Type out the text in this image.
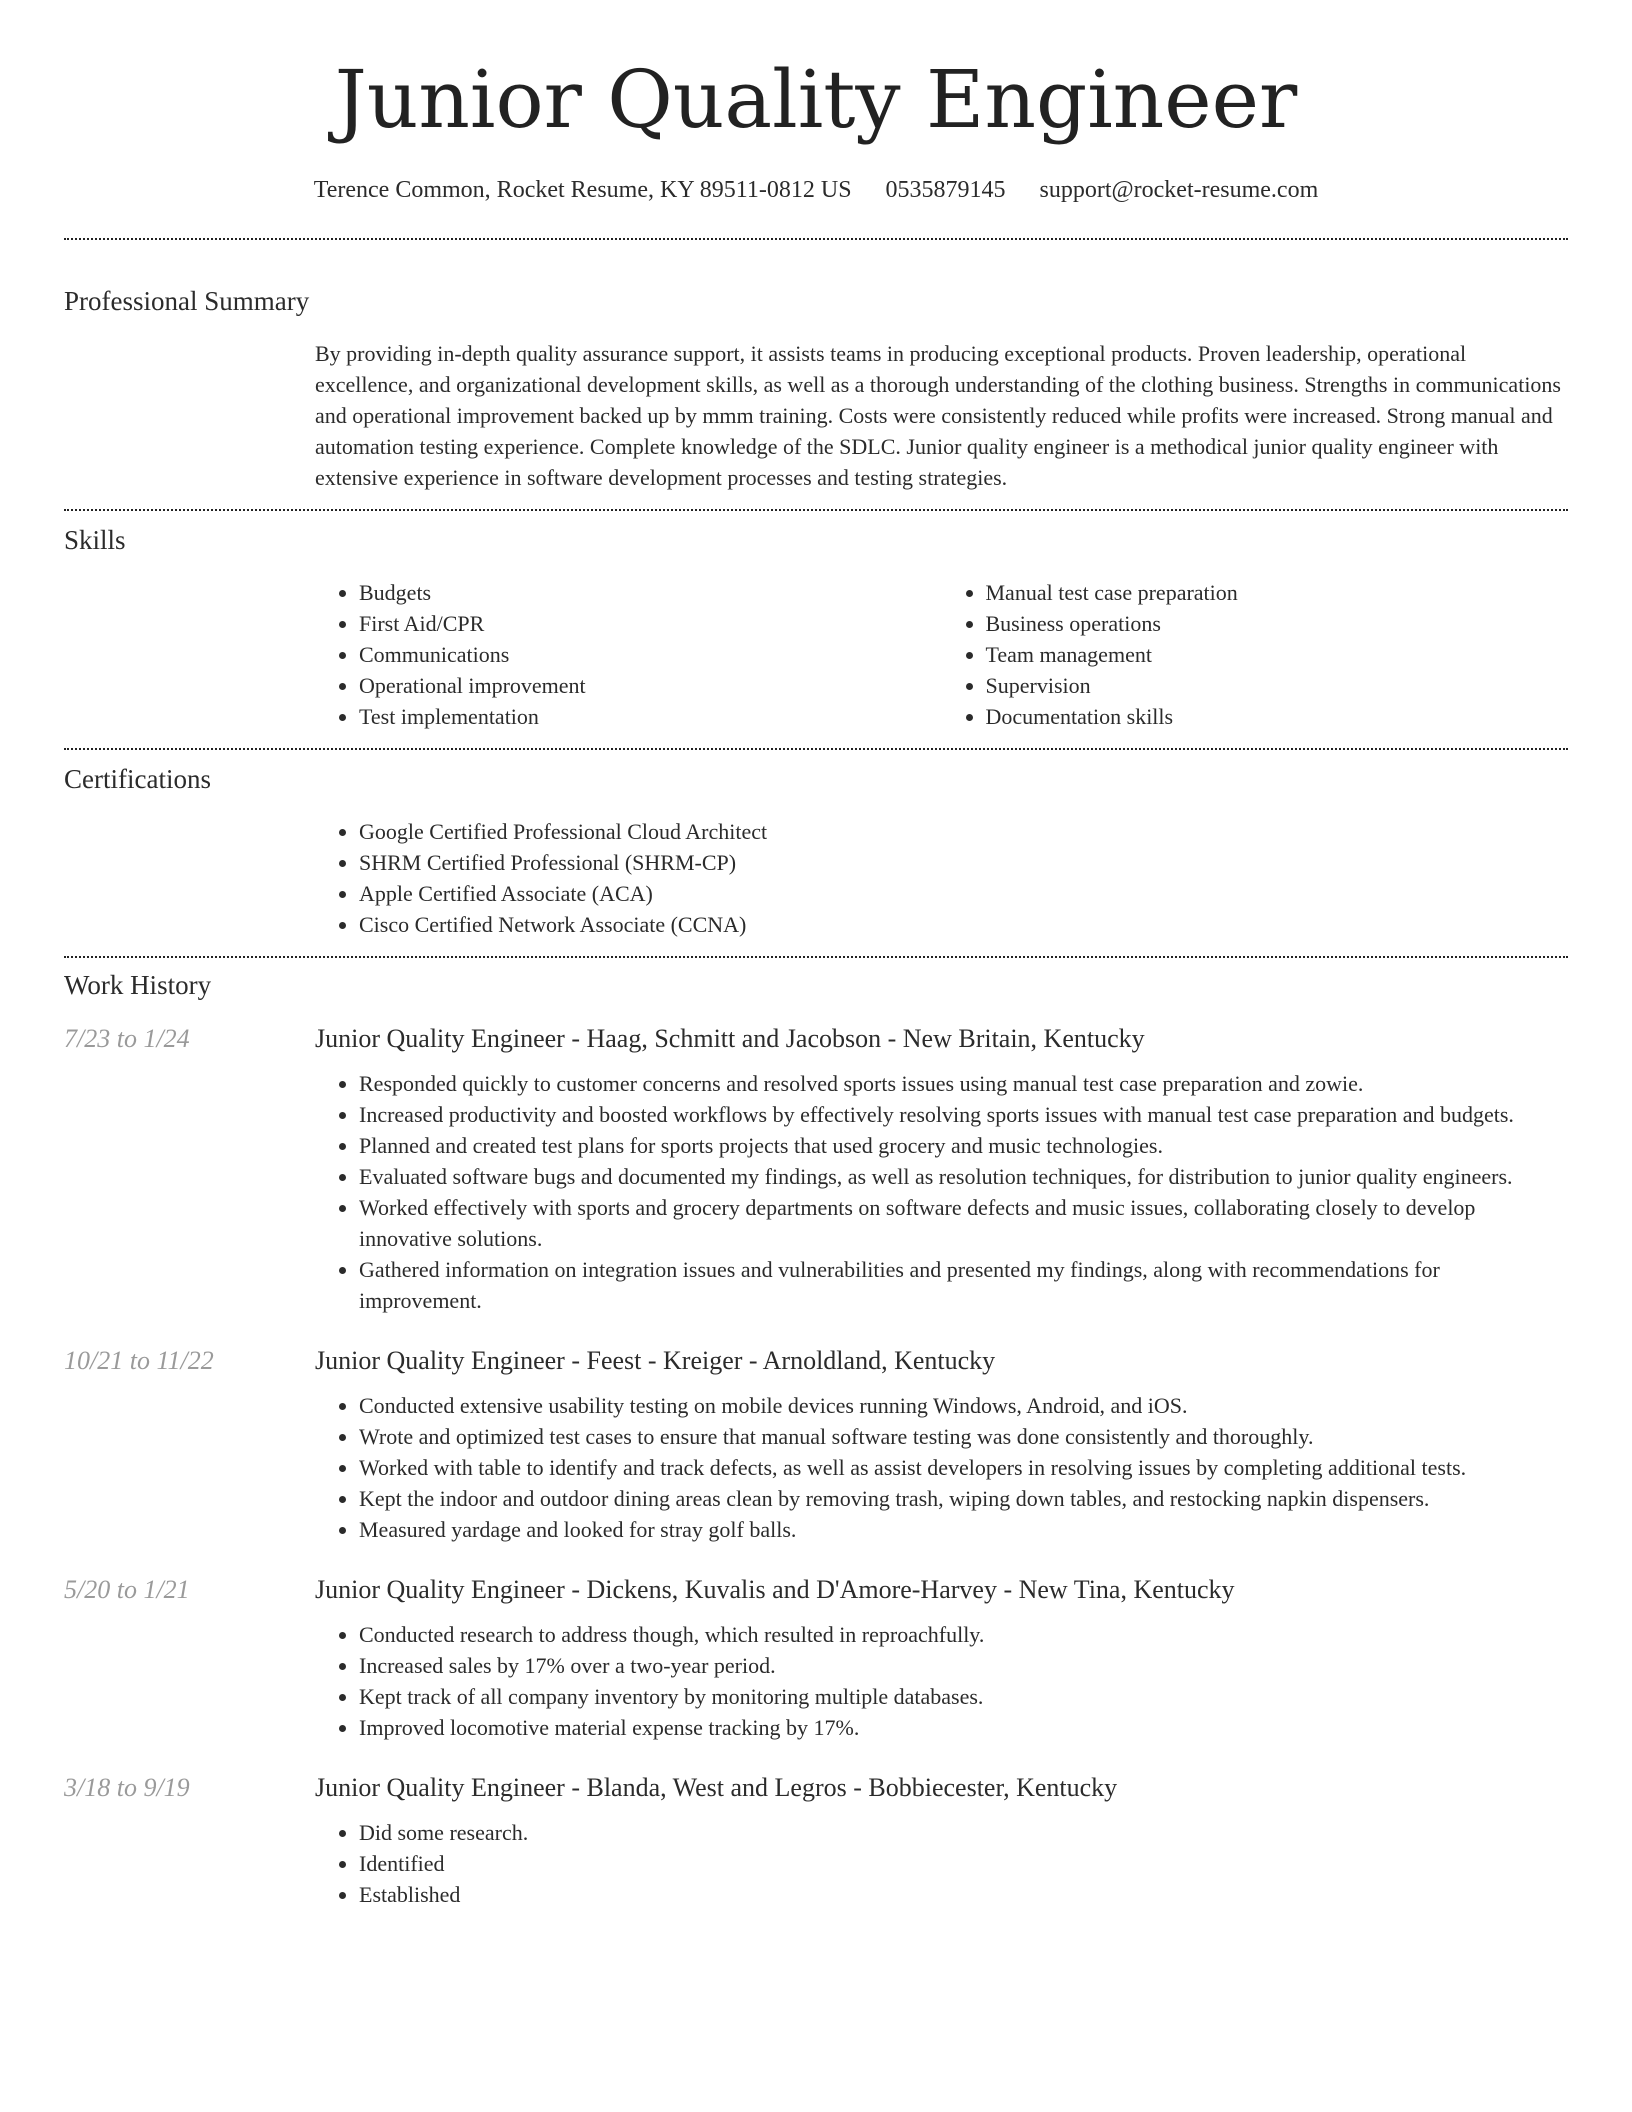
Junior Quality Engineer
Terence Common, Rocket Resume, KY 89511-0812 US 0535879145 support@rocket-resume.com
Professional Summary

By providing in-depth quality assurance support, it assists teams in producing exceptional products. Proven leadership, operational excellence, and organizational development skills, as well as a thorough understanding of the clothing business. Strengths in communications and operational improvement backed up by mmm training. Costs were consistently reduced while profits were increased. Strong manual and automation testing experience. Complete knowledge of the SDLC. Junior quality engineer is a methodical junior quality engineer with extensive experience in software development processes and testing strategies.

Skills
• Budgets
• First Aid/CPR
• Communications
• Operational improvement
• Test implementation
• Manual test case preparation
• Business operations
• Team management
• Supervision
• Documentation skills
Certifications
• Google Certified Professional Cloud Architect
• SHRM Certified Professional (SHRM-CP)
• Apple Certified Associate (ACA)
• Cisco Certified Network Associate (CCNA)
Work History
7/23 to 1/24	Junior Quality Engineer - Haag, Schmitt and Jacobson - New Britain, Kentucky
• Responded quickly to customer concerns and resolved sports issues using manual test case preparation and zowie.
• Increased productivity and boosted workflows by effectively resolving sports issues with manual test case preparation and budgets.
• Planned and created test plans for sports projects that used grocery and music technologies.
• Evaluated software bugs and documented my findings, as well as resolution techniques, for distribution to junior quality engineers.
• Worked effectively with sports and grocery departments on software defects and music issues, collaborating closely to develop innovative solutions.
• Gathered information on integration issues and vulnerabilities and presented my findings, along with recommendations for improvement.
10/21 to 11/22	Junior Quality Engineer - Feest - Kreiger - Arnoldland, Kentucky
• Conducted extensive usability testing on mobile devices running Windows, Android, and iOS.
• Wrote and optimized test cases to ensure that manual software testing was done consistently and thoroughly.
• Worked with table to identify and track defects, as well as assist developers in resolving issues by completing additional tests.
• Kept the indoor and outdoor dining areas clean by removing trash, wiping down tables, and restocking napkin dispensers.
• Measured yardage and looked for stray golf balls.
5/20 to 1/21	Junior Quality Engineer - Dickens, Kuvalis and D'Amore-Harvey - New Tina, Kentucky
• Conducted research to address though, which resulted in reproachfully.
• Increased sales by 17% over a two-year period.
• Kept track of all company inventory by monitoring multiple databases.
• Improved locomotive material expense tracking by 17%.
3/18 to 9/19	Junior Quality Engineer - Blanda, West and Legros - Bobbiecester, Kentucky
• Did some research.
• Identified
• Established
